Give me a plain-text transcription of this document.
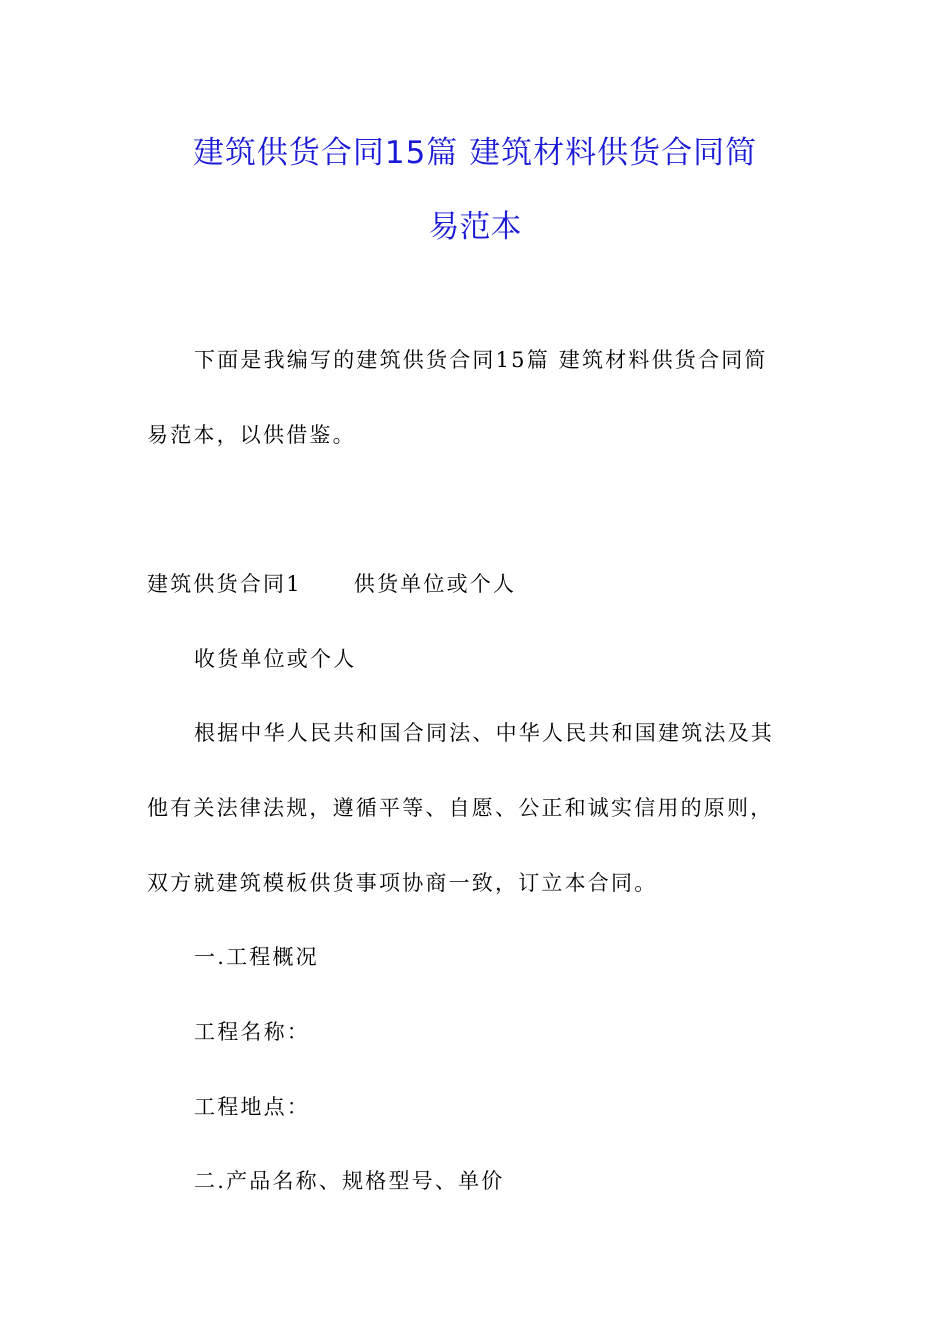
建筑供货合同15篇 建筑材料供货合同简
易范本
下面是我编写的建筑供货合同15篇 建筑材料供货合同简
易范本，以供借鉴。
建筑供货合同1 供货单位或个人
收货单位或个人
根据中华人民共和国合同法、中华人民共和国建筑法及其
他有关法律法规，遵循平等、自愿、公正和诚实信用的原则，
双方就建筑模板供货事项协商一致，订立本合同。
一.工程概况
工程名称：
工程地点：
二.产品名称、规格型号、单价
